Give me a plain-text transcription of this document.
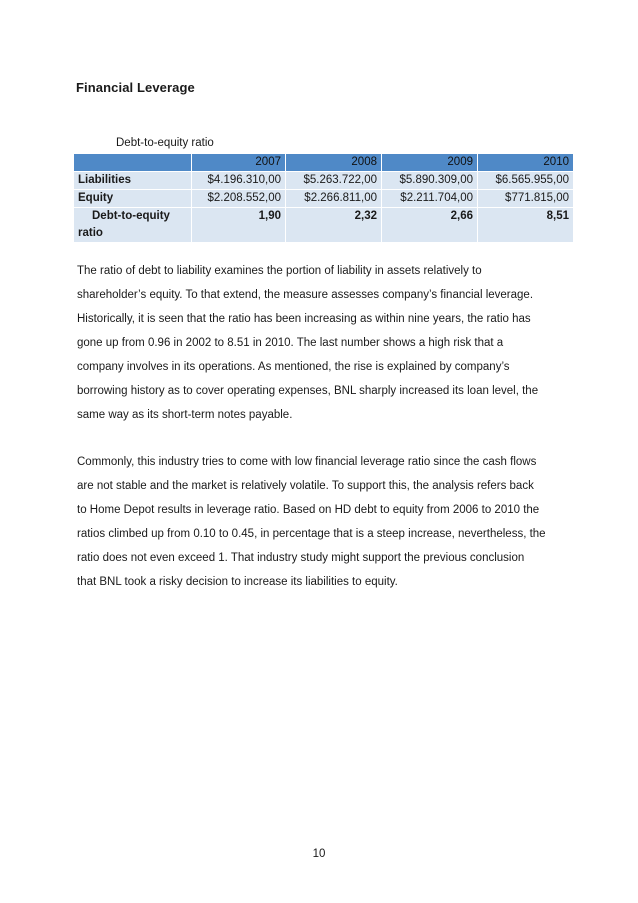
Financial Leverage
Debt-to-equity ratio
	2007	2008	2009	2010
Liabilities	$4.196.310,00	$5.263.722,00	$5.890.309,00	$6.565.955,00
Equity	$2.208.552,00	$2.266.811,00	$2.211.704,00	$771.815,00
Debt-to-equity
ratio	1,90	2,32	2,66	8,51
The ratio of debt to liability examines the portion of liability in assets relatively to
shareholder’s equity. To that extend, the measure assesses company’s financial leverage.
Historically, it is seen that the ratio has been increasing as within nine years, the ratio has
gone up from 0.96 in 2002 to 8.51 in 2010. The last number shows a high risk that a
company involves in its operations. As mentioned, the rise is explained by company’s
borrowing history as to cover operating expenses, BNL sharply increased its loan level, the
same way as its short-term notes payable.
Commonly, this industry tries to come with low financial leverage ratio since the cash flows
are not stable and the market is relatively volatile. To support this, the analysis refers back
to Home Depot results in leverage ratio. Based on HD debt to equity from 2006 to 2010 the
ratios climbed up from 0.10 to 0.45, in percentage that is a steep increase, nevertheless, the
ratio does not even exceed 1. That industry study might support the previous conclusion
that BNL took a risky decision to increase its liabilities to equity.
10
